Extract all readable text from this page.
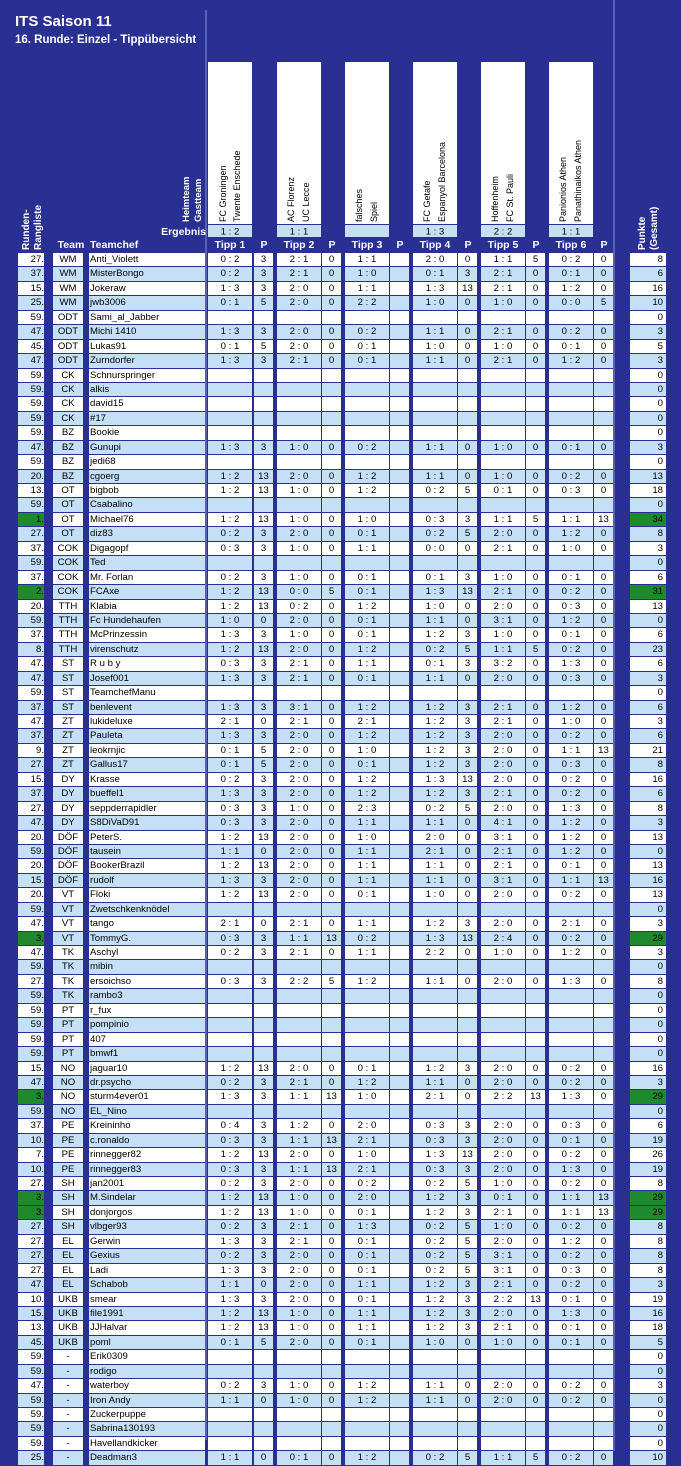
ITS Saison 11
16. Runde: Einzel - Tippübersicht
FC Groningen Twente Enschede	AC Florenz UC Lecce	falsches Spiel	FC Getafe Espanyol Barcelona	Hoffenheim FC St. Pauli	Panionios Athen Panathinaikos Athen
1 : 2	1 : 1	1 : 3	2 : 2	1 : 1
Heimteam Gastteam
Ergebnis
Runden- Rangliste Team Teamchef	Tipp 1 P Tipp 2 P Tipp 3 P Tipp 4 P Tipp 5 P Tipp 6 P	Punkte (Gesamt)
27.	WM	Anti_Violett	0 : 2	3	2 : 1	0	1 : 1	2 : 0	0	1 : 1	5	0 : 2	0	8
37.	WM	MisterBongo	0 : 2	3	2 : 1	0	1 : 0	0 : 1	3	2 : 1	0	0 : 1	0	6
15.	WM	Jokeraw	1 : 3	3	2 : 0	0	1 : 1	1 : 3	13	2 : 1	0	1 : 2	0	16
25.	WM	jwb3006	0 : 1	5	2 : 0	0	2 : 2	1 : 0	0	1 : 0	0	0 : 0	5	10
59.	ODT	Sami_al_Jabber	0
47.	ODT	Michi 1410	1 : 3	3	2 : 0	0	0 : 2	1 : 1	0	2 : 1	0	0 : 2	0	3
45.	ODT	Lukas91	0 : 1	5	2 : 0	0	0 : 1	1 : 0	0	1 : 0	0	0 : 1	0	5
47.	ODT	Zurndorfer	1 : 3	3	2 : 1	0	0 : 1	1 : 1	0	2 : 1	0	1 : 2	0	3
59.	CK	Schnurspringer	0
59.	CK	alkis	0
59.	CK	david15	0
59.	CK	#17	0
59.	BZ	Bookie	0
47.	BZ	Gunupi	1 : 3	3	1 : 0	0	0 : 2	1 : 1	0	1 : 0	0	0 : 1	0	3
59.	BZ	jedi68	0
20.	BZ	cgoerg	1 : 2	13	2 : 0	0	1 : 2	1 : 1	0	1 : 0	0	0 : 2	0	13
13.	OT	bigbob	1 : 2	13	1 : 0	0	1 : 2	0 : 2	5	0 : 1	0	0 : 3	0	18
59.	OT	Csabalino	0
1.	OT	Michael76	1 : 2	13	1 : 0	0	1 : 0	0 : 3	3	1 : 1	5	1 : 1	13	34
27.	OT	diz83	0 : 2	3	2 : 0	0	0 : 1	0 : 2	5	2 : 0	0	1 : 2	0	8
37.	COK	Digagopf	0 : 3	3	1 : 0	0	1 : 1	0 : 0	0	2 : 1	0	1 : 0	0	3
59.	COK	Ted	0
37.	COK	Mr. Forlan	0 : 2	3	1 : 0	0	0 : 1	0 : 1	3	1 : 0	0	0 : 1	0	6
2.	COK	FCAxe	1 : 2	13	0 : 0	5	0 : 1	1 : 3	13	2 : 1	0	0 : 2	0	31
20.	TTH	Klabia	1 : 2	13	0 : 2	0	1 : 2	1 : 0	0	2 : 0	0	0 : 3	0	13
59.	TTH	Fc Hundehaufen	1 : 0	0	2 : 0	0	0 : 1	1 : 1	0	3 : 1	0	1 : 2	0	0
37.	TTH	McPrinzessin	1 : 3	3	1 : 0	0	0 : 1	1 : 2	3	1 : 0	0	0 : 1	0	6
8.	TTH	virenschutz	1 : 2	13	2 : 0	0	1 : 2	0 : 2	5	1 : 1	5	0 : 2	0	23
47.	ST	R u b y	0 : 3	3	2 : 1	0	1 : 1	0 : 1	3	3 : 2	0	1 : 3	0	6
47.	ST	Josef001	1 : 3	3	2 : 1	0	0 : 1	1 : 1	0	2 : 0	0	0 : 3	0	3
59.	ST	TeamchefManu	0
37.	ST	benlevent	1 : 3	3	3 : 1	0	1 : 2	1 : 2	3	2 : 1	0	1 : 2	0	6
47.	ZT	lukideluxe	2 : 1	0	2 : 1	0	2 : 1	1 : 2	3	2 : 1	0	1 : 0	0	3
37.	ZT	Pauleta	1 : 3	3	2 : 0	0	1 : 2	1 : 2	3	2 : 0	0	0 : 2	0	6
9.	ZT	leokrnjic	0 : 1	5	2 : 0	0	1 : 0	1 : 2	3	2 : 0	0	1 : 1	13	21
27.	ZT	Gallus17	0 : 1	5	2 : 0	0	0 : 1	1 : 2	3	2 : 0	0	0 : 3	0	8
15.	DY	Krasse	0 : 2	3	2 : 0	0	1 : 2	1 : 3	13	2 : 0	0	0 : 2	0	16
37.	DY	bueffel1	1 : 3	3	2 : 0	0	1 : 2	1 : 2	3	2 : 1	0	0 : 2	0	6
27.	DY	seppderrapidler	0 : 3	3	1 : 0	0	2 : 3	0 : 2	5	2 : 0	0	1 : 3	0	8
47.	DY	S8DiVaD91	0 : 3	3	2 : 0	0	1 : 1	1 : 1	0	4 : 1	0	1 : 2	0	3
20.	DÖF	PeterS.	1 : 2	13	2 : 0	0	1 : 0	2 : 0	0	3 : 1	0	1 : 2	0	13
59.	DÖF	tausein	1 : 1	0	2 : 0	0	1 : 1	2 : 1	0	2 : 1	0	1 : 2	0	0
20.	DÖF	BookerBrazil	1 : 2	13	2 : 0	0	1 : 1	1 : 1	0	2 : 1	0	0 : 1	0	13
15.	DÖF	rudolf	1 : 3	3	2 : 0	0	1 : 1	1 : 1	0	3 : 1	0	1 : 1	13	16
20.	VT	Floki	1 : 2	13	2 : 0	0	0 : 1	1 : 0	0	2 : 0	0	0 : 2	0	13
59.	VT	Zwetschkenknödel	0
47.	VT	tango	2 : 1	0	2 : 1	0	1 : 1	1 : 2	3	2 : 0	0	2 : 1	0	3
3.	VT	TommyG.	0 : 3	3	1 : 1	13	0 : 2	1 : 3	13	2 : 4	0	0 : 2	0	29
47.	TK	Aschyl	0 : 2	3	2 : 1	0	1 : 1	2 : 2	0	1 : 0	0	1 : 2	0	3
59.	TK	mibin	0
27.	TK	ersoichso	0 : 3	3	2 : 2	5	1 : 2	1 : 1	0	2 : 0	0	1 : 3	0	8
59.	TK	rambo3	0
59.	PT	r_fux	0
59.	PT	pompinio	0
59.	PT	407	0
59.	PT	bmwf1	0
15.	NO	jaguar10	1 : 2	13	2 : 0	0	0 : 1	1 : 2	3	2 : 0	0	0 : 2	0	16
47.	NO	dr.psycho	0 : 2	3	2 : 1	0	1 : 2	1 : 1	0	2 : 0	0	0 : 2	0	3
3.	NO	sturm4ever01	1 : 3	3	1 : 1	13	1 : 0	2 : 1	0	2 : 2	13	1 : 3	0	29
59.	NO	EL_Nino	0
37.	PE	Kreininho	0 : 4	3	1 : 2	0	2 : 0	0 : 3	3	2 : 0	0	0 : 3	0	6
10.	PE	c.ronaldo	0 : 3	3	1 : 1	13	2 : 1	0 : 3	3	2 : 0	0	0 : 1	0	19
7.	PE	rinnegger82	1 : 2	13	2 : 0	0	1 : 0	1 : 3	13	2 : 0	0	0 : 2	0	26
10.	PE	rinnegger83	0 : 3	3	1 : 1	13	2 : 1	0 : 3	3	2 : 0	0	1 : 3	0	19
27.	SH	jan2001	0 : 2	3	2 : 0	0	0 : 2	0 : 2	5	1 : 0	0	0 : 2	0	8
3.	SH	M.Sindelar	1 : 2	13	1 : 0	0	2 : 0	1 : 2	3	0 : 1	0	1 : 1	13	29
3.	SH	donjorgos	1 : 2	13	1 : 0	0	0 : 1	1 : 2	3	2 : 1	0	1 : 1	13	29
27.	SH	vlbger93	0 : 2	3	2 : 1	0	1 : 3	0 : 2	5	1 : 0	0	0 : 2	0	8
27.	EL	Gerwin	1 : 3	3	2 : 1	0	0 : 1	0 : 2	5	2 : 0	0	1 : 2	0	8
27.	EL	Gexius	0 : 2	3	2 : 0	0	0 : 1	0 : 2	5	3 : 1	0	0 : 2	0	8
27.	EL	Ladi	1 : 3	3	2 : 0	0	0 : 1	0 : 2	5	3 : 1	0	0 : 3	0	8
47.	EL	Schabob	1 : 1	0	2 : 0	0	1 : 1	1 : 2	3	2 : 1	0	0 : 2	0	3
10.	UKB	smear	1 : 3	3	2 : 0	0	0 : 1	1 : 2	3	2 : 2	13	0 : 1	0	19
15.	UKB	file1991	1 : 2	13	1 : 0	0	1 : 1	1 : 2	3	2 : 0	0	1 : 3	0	16
13.	UKB	JJHalvar	1 : 2	13	1 : 0	0	1 : 1	1 : 2	3	2 : 1	0	0 : 1	0	18
45.	UKB	poml	0 : 1	5	2 : 0	0	0 : 1	1 : 0	0	1 : 0	0	0 : 1	0	5
59.	-	Erik0309	0
59.	-	rodigo	0
47.	-	waterboy	0 : 2	3	1 : 0	0	1 : 2	1 : 1	0	2 : 0	0	0 : 2	0	3
59.	-	Iron Andy	1 : 1	0	1 : 0	0	1 : 2	1 : 1	0	2 : 0	0	0 : 2	0	0
59.	-	Zuckerpuppe	0
59.	-	Sabrina130193	0
59.	-	Havellandkicker	0
25.	-	Deadman3	1 : 1	0	0 : 1	0	1 : 2	0 : 2	5	1 : 1	5	0 : 2	0	10
